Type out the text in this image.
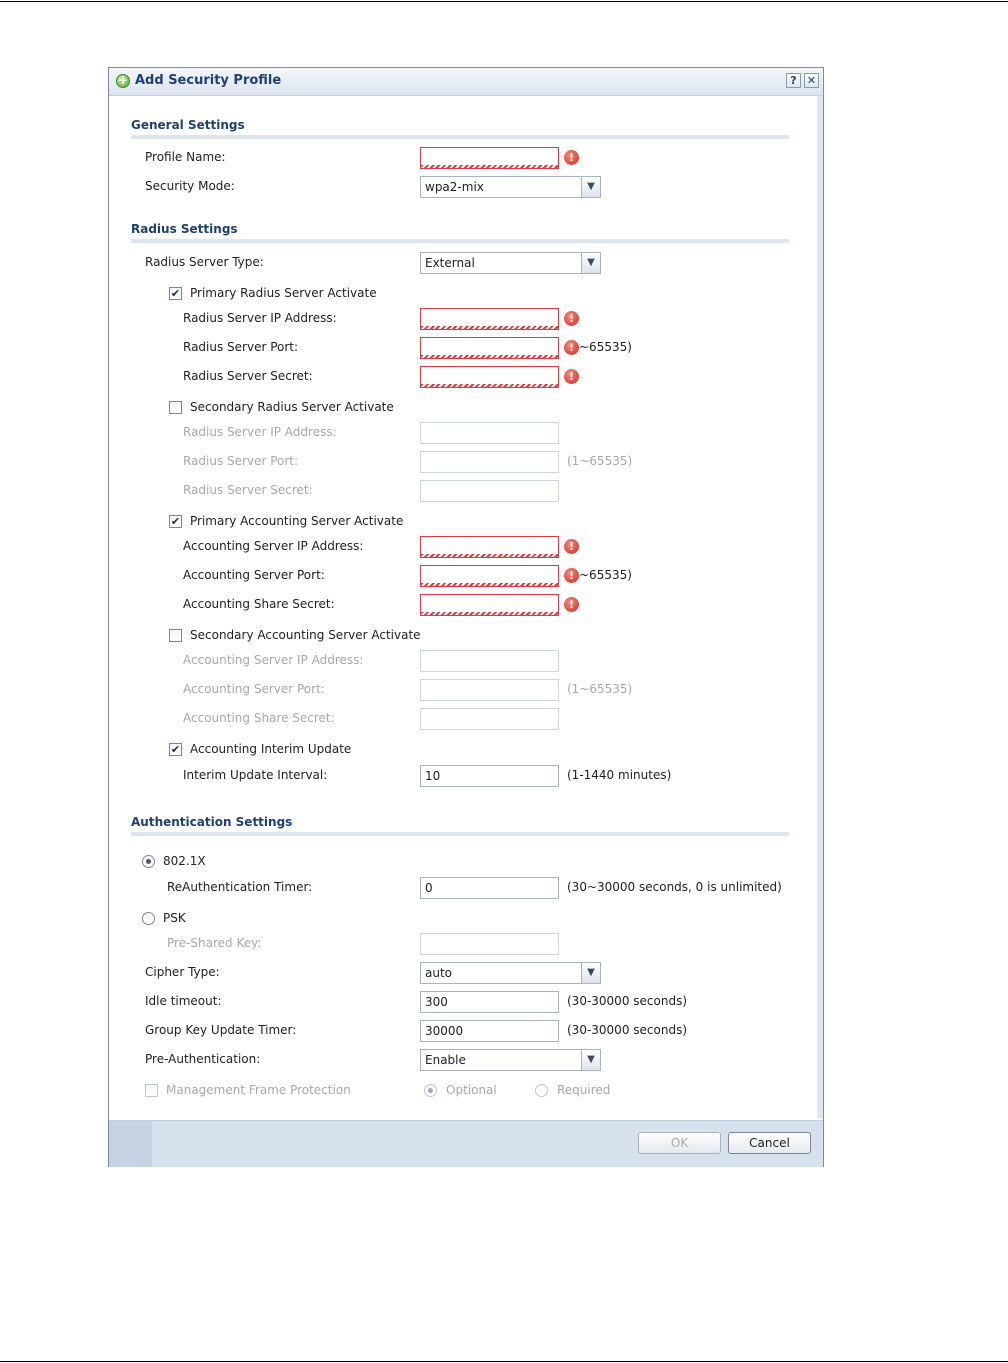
+ Add Security Profile	? ✕
General Settings
Profile Name:	!
Security Mode:	wpa2-mix	▼
Radius Settings
Radius Server Type:	External	▼
✔ Primary Radius Server Activate
Radius Server IP Address:	!
Radius Server Port:	! ~65535)
Radius Server Secret:	!
Secondary Radius Server Activate
Radius Server IP Address:
Radius Server Port:	(1~65535)
Radius Server Secret:
✔ Primary Accounting Server Activate
Accounting Server IP Address:	!
Accounting Server Port:	! ~65535)
Accounting Share Secret:	!
Secondary Accounting Server Activate
Accounting Server IP Address:
Accounting Server Port:	(1~65535)
Accounting Share Secret:
✔ Accounting Interim Update
Interim Update Interval:	10	(1-1440 minutes)
Authentication Settings
802.1X
ReAuthentication Timer:	0	(30~30000 seconds, 0 is unlimited)
PSK
Pre-Shared Key:
Cipher Type:	auto	▼
Idle timeout:	300	(30-30000 seconds)
Group Key Update Timer:	30000	(30-30000 seconds)
Pre-Authentication:	Enable	▼
Management Frame Protection	Optional	Required
OK	Cancel
